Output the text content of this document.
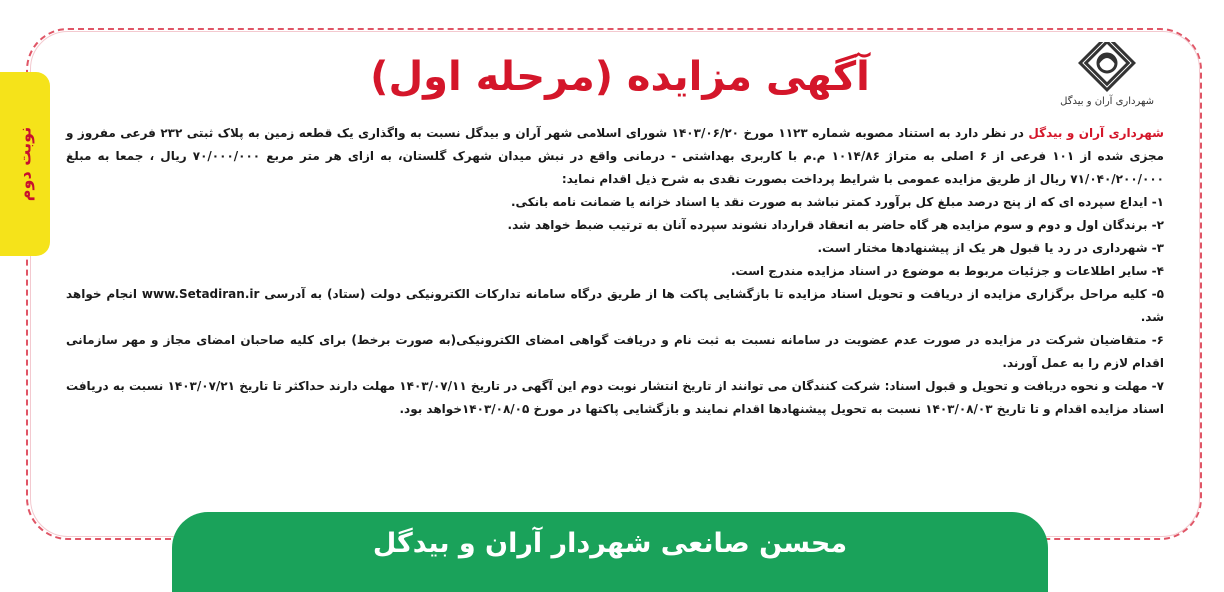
نوبت دوم
شهرداری آران و بیدگل
آگهی مزایده (مرحله اول)

شهرداری آران و بیدگل در نظر دارد به استناد مصوبه شماره ۱۱۲۳ مورخ ۱۴۰۳/۰۶/۲۰ شورای اسلامی شهر آران و بیدگل نسبت به واگذاری یک قطعه زمین به پلاک ثبتی ۲۳۲ فرعی مفروز و مجزی شده از ۱۰۱ فرعی از ۶ اصلی به متراژ ۱۰۱۴/۸۶ م.م با کاربری بهداشتی - درمانی واقع در نبش میدان شهرک گلستان، به ازای هر متر مربع ۷۰/۰۰۰/۰۰۰ ریال ، جمعا به مبلغ ۷۱/۰۴۰/۲۰۰/۰۰۰ ریال از طریق مزایده عمومی با شرایط پرداخت بصورت نقدی به شرح ذیل اقدام نماید:

۱- ایداع سپرده ای که از پنج درصد مبلغ کل برآورد کمتر نباشد به صورت نقد یا اسناد خزانه یا ضمانت نامه بانکی.

۲- برندگان اول و دوم و سوم مزایده هر گاه حاضر به انعقاد قرارداد نشوند سپرده آنان به ترتیب ضبط خواهد شد.

۳- شهرداری در رد یا قبول هر یک از پیشنهادها مختار است.

۴- سایر اطلاعات و جزئیات مربوط به موضوع در اسناد مزایده مندرج است.

۵- کلیه مراحل برگزاری مزایده از دریافت و تحویل اسناد مزایده تا بازگشایی پاکت ها از طریق درگاه سامانه تدارکات الکترونیکی دولت (ستاد) به آدرسی www.Setadiran.ir انجام خواهد شد.

۶- متقاضیان شرکت در مزایده در صورت عدم عضویت در سامانه نسبت به ثبت نام و دریافت گواهی امضای الکترونیکی(به صورت برخط) برای کلیه صاحبان امضای مجاز و مهر سازمانی اقدام لازم را به عمل آورند.

۷- مهلت و نحوه دریافت و تحویل و قبول اسناد: شرکت کنندگان می توانند از تاریخ انتشار نوبت دوم این آگهی در تاریخ ۱۴۰۳/۰۷/۱۱ مهلت دارند حداکثر تا تاریخ ۱۴۰۳/۰۷/۲۱ نسبت به دریافت اسناد مزایده اقدام و تا تاریخ ۱۴۰۳/۰۸/۰۳ نسبت به تحویل پیشنهادها اقدام نمایند و بازگشایی پاکتها در مورخ ۱۴۰۳/۰۸/۰۵خواهد بود.

محسن صانعی شهردار آران و بیدگل
